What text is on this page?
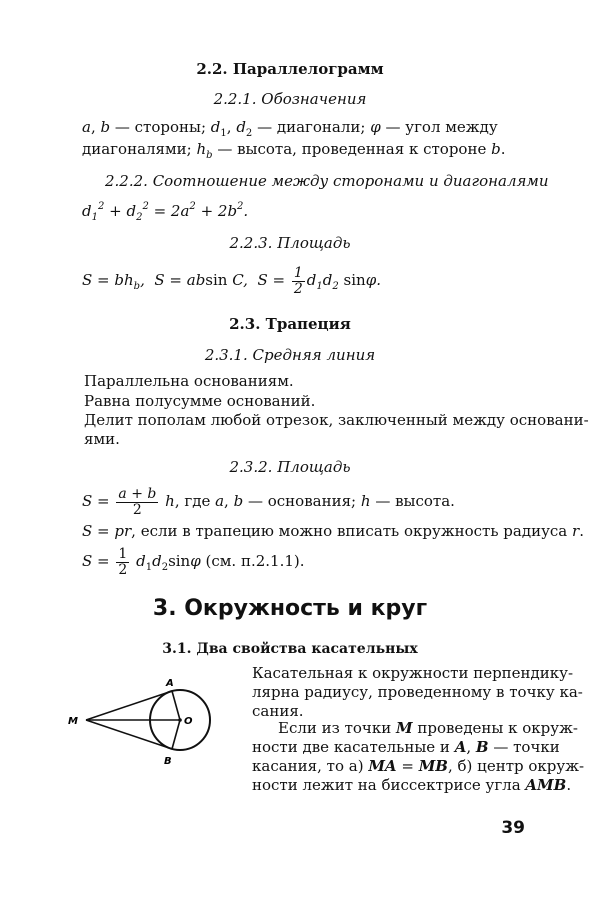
2.2. Параллелограмм
2.2.1. Обозначения
a, b — стороны; $d_1$, $d_2$ — диагонали; φ — угол между
диагоналями; $h_b$ — высота, проведенная к стороне b.
2.2.2. Соотношение между сторонами и диагоналями
$d_1^2 + d_2^2 = 2a^2 + 2b^2$.
2.2.3. Площадь
$S = bh_b$,  S = absin C,  $S = \frac{1}{2} d_1d_2$ sinφ.
2.3. Трапеция
2.3.1. Средняя линия
Параллельна основаниям.
Равна полусумме оснований.
Делит пополам любой отрезок, заключенный между основани-
ями.
2.3.2. Площадь
$S = \frac{a + b}{2} h$, где a, b — основания; h — высота.
S = pr, если в трапецию можно вписать окружность радиуса r.
$S = \frac{1}{2} d_1d_2\sin\varphi$ (см. п.2.1.1).
3. Окружность и круг
3.1. Два свойства касательных
Касательная к окружности перпендику-
лярна радиусу, проведенному в точку ка-
сания.
Если из точки M проведены к окруж-
ности две касательные и A, B — точки
касания, то а) MA = MB, б) центр окруж-
ности лежит на биссектрисе угла AMB.
M
A
B
O
39
